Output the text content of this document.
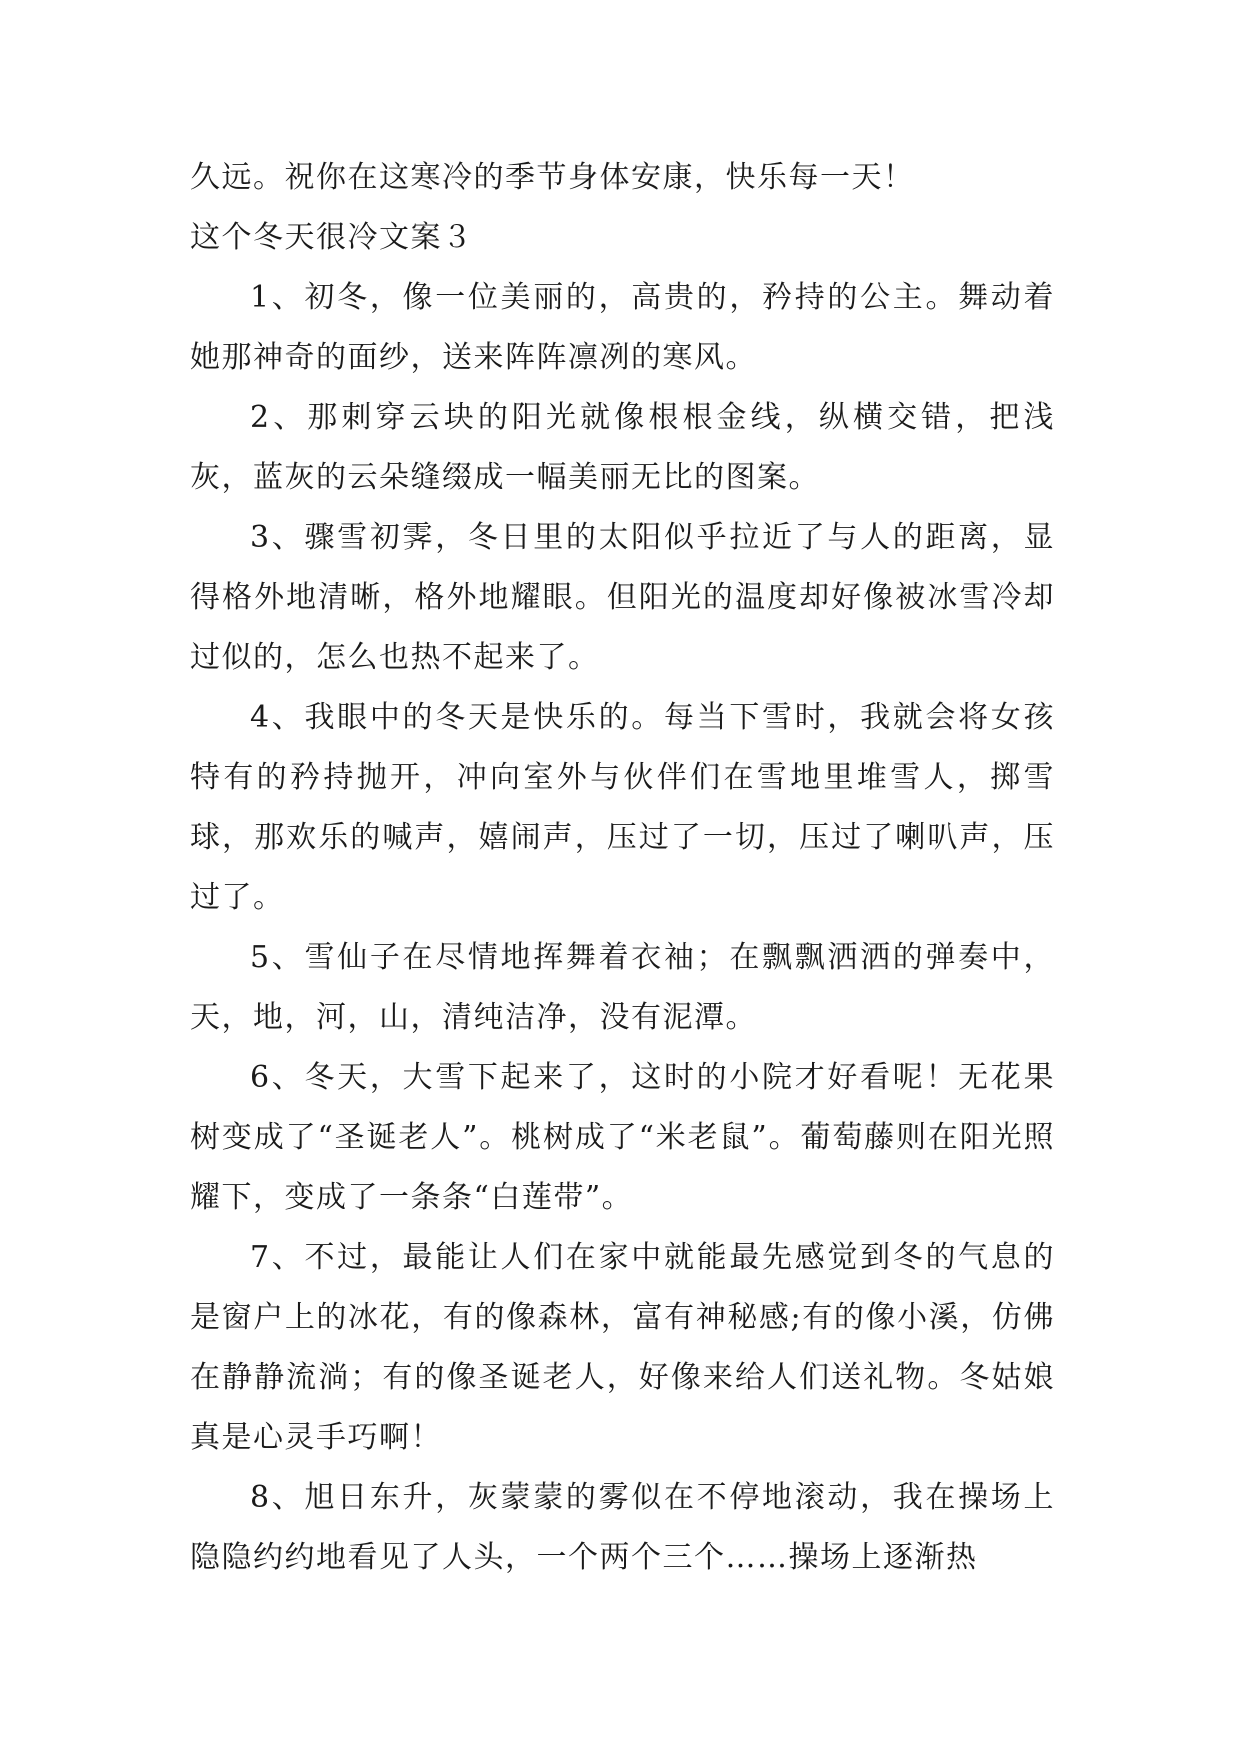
久远。祝你在这寒冷的季节身体安康，快乐每一天！

这个冬天很冷文案３

1、初冬，像一位美丽的，高贵的，矜持的公主。舞动着她那神奇的面纱，送来阵阵凛冽的寒风。

2、那刺穿云块的阳光就像根根金线，纵横交错，把浅灰，蓝灰的云朵缝缀成一幅美丽无比的图案。

3、骤雪初霁，冬日里的太阳似乎拉近了与人的距离，显得格外地清晰，格外地耀眼。但阳光的温度却好像被冰雪冷却过似的，怎么也热不起来了。

4、我眼中的冬天是快乐的。每当下雪时，我就会将女孩特有的矜持抛开，冲向室外与伙伴们在雪地里堆雪人，掷雪球，那欢乐的喊声，嬉闹声，压过了一切，压过了喇叭声，压过了。

5、雪仙子在尽情地挥舞着衣袖；在飘飘洒洒的弹奏中，天，地，河，山，清纯洁净，没有泥潭。

6、冬天，大雪下起来了，这时的小院才好看呢！无花果树变成了“圣诞老人”。桃树成了“米老鼠”。葡萄藤则在阳光照耀下，变成了一条条“白莲带”。

7、不过，最能让人们在家中就能最先感觉到冬的气息的是窗户上的冰花，有的像森林，富有神秘感;有的像小溪，仿佛在静静流淌；有的像圣诞老人，好像来给人们送礼物。冬姑娘真是心灵手巧啊！

8、旭日东升，灰蒙蒙的雾似在不停地滚动，我在操场上隐隐约约地看见了人头，一个两个三个……操场上逐渐热
